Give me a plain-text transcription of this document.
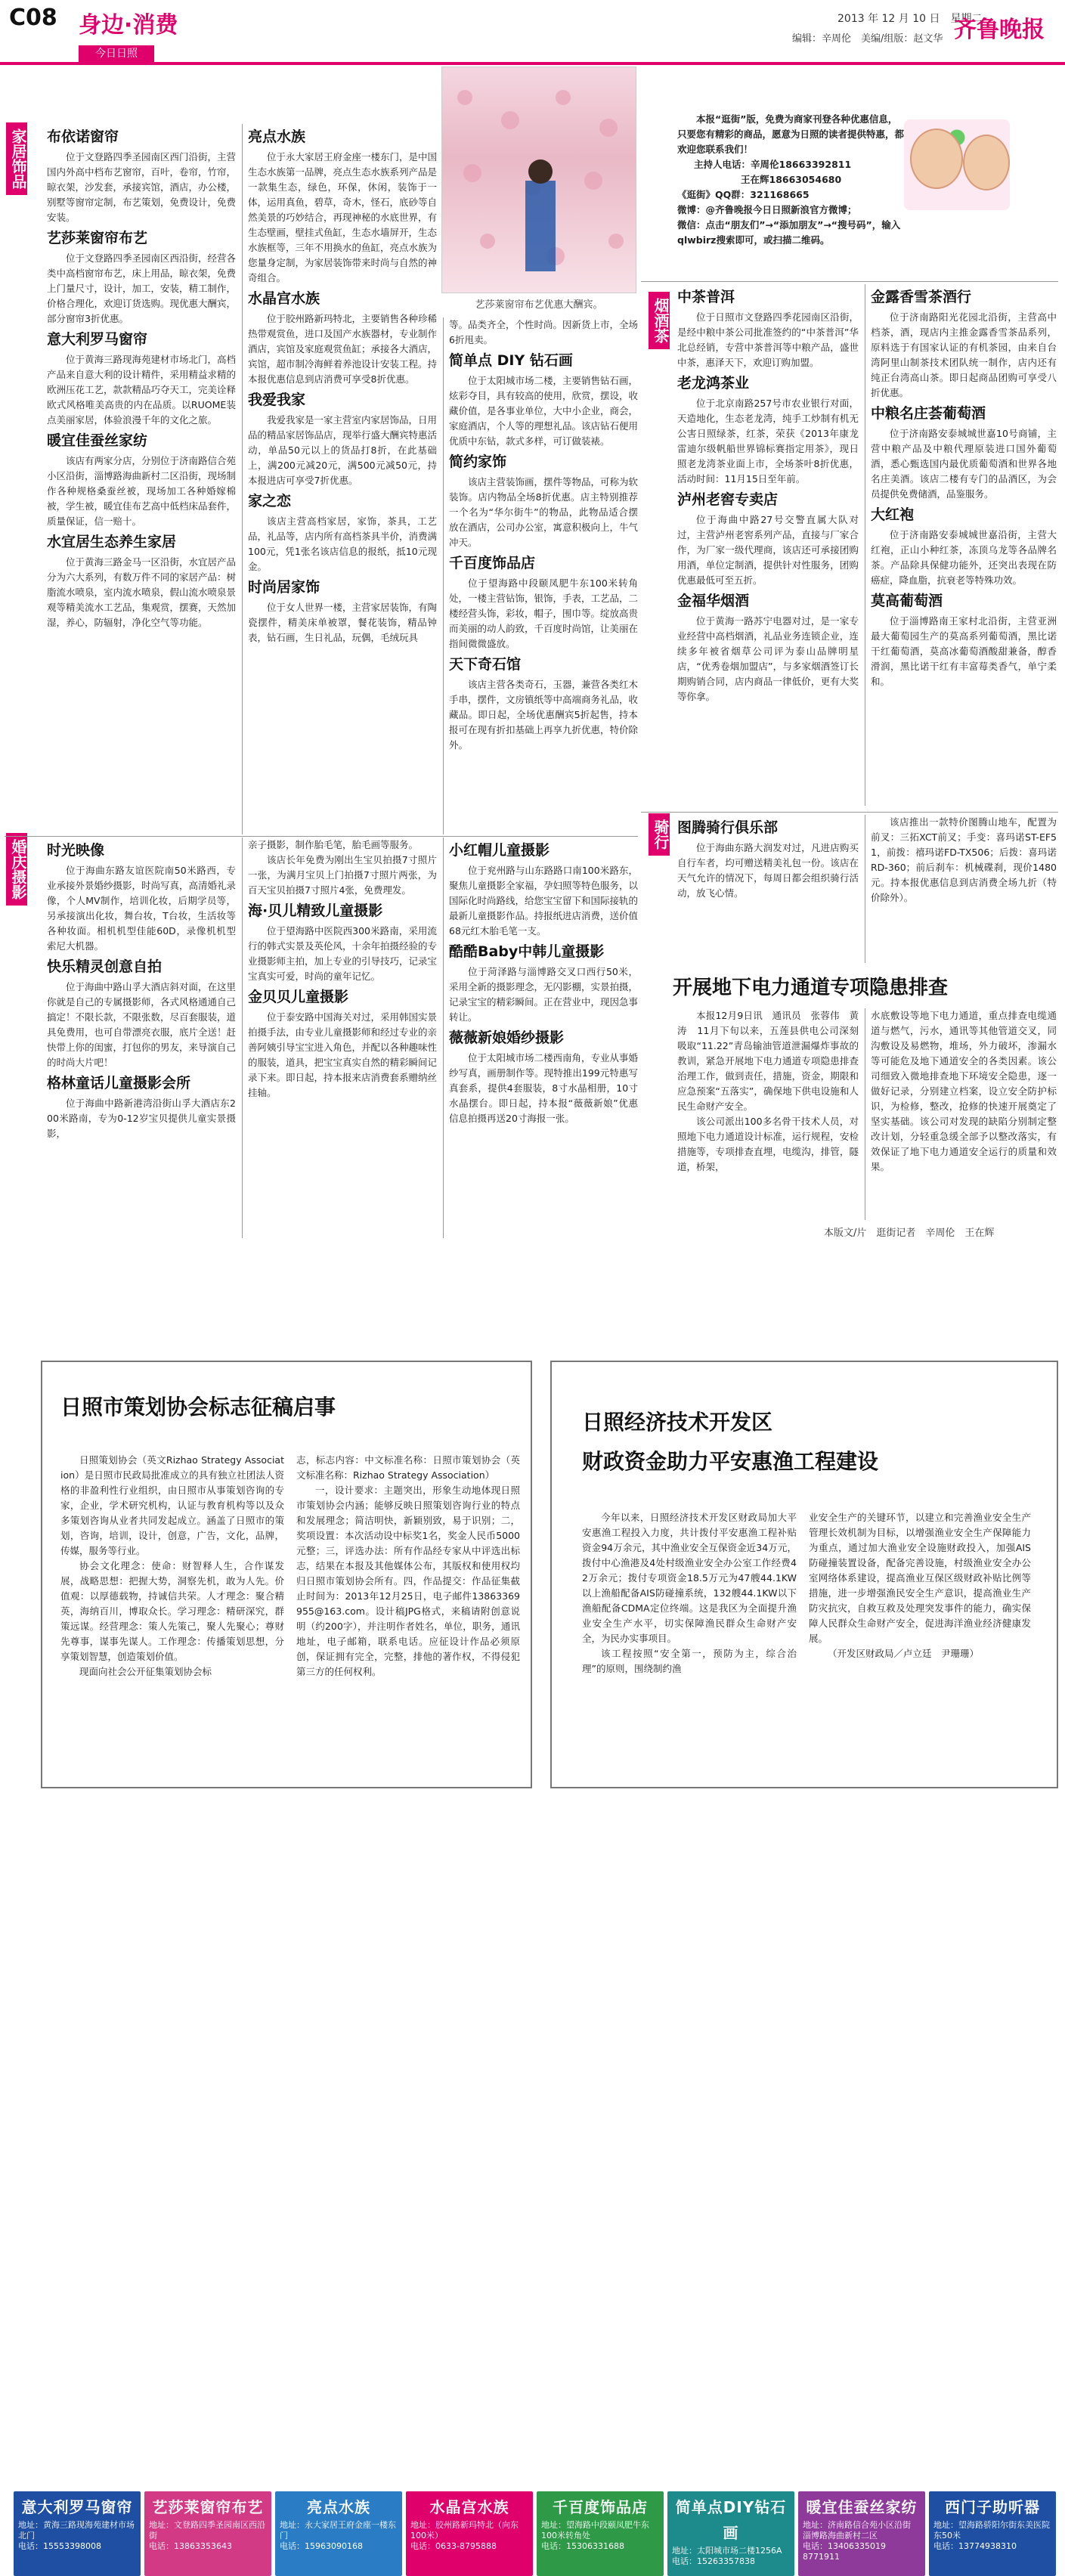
C08 身边·消费
今日日照
2013 年 12 月 10 日　星期二
编辑：辛周伦　美编/组版：赵文华 齐鲁晚报
家居饰品
婚庆摄影
烟酒茶
骑行
布依诺窗帘
位于文登路四季圣园南区西门沿街，主营国内外高中档布艺窗帘，百叶，卷帘，竹帘，晾衣架，沙发套，承接宾馆，酒店，办公楼，别墅等窗帘定制，布艺策划，免费设计，免费安装。
艺莎莱窗帘布艺
位于文登路四季圣园南区西沿街，经营各类中高档窗帘布艺，床上用品，晾衣架，免费上门量尺寸，设计，加工，安装，精工制作，价格合理化，欢迎订货选购。现优惠大酬宾，部分窗帘3折优惠。
意大利罗马窗帘
位于黄海三路现海苑建材市场北门，高档产品来自意大利的设计精件，采用精益求精的欧洲压花工艺，款款精品巧夺天工，完美诠释欧式风格唯美高贵的内在品质。以RUOME装点美丽家居，体验浪漫千年的文化之旅。
暖宜佳蚕丝家纺
该店有两家分店，分别位于济南路信合苑小区沿街，淄博路海曲新村二区沿街，现场制作各种规格桑蚕丝被，现场加工各种婚嫁棉被，学生被，暖宜佳布艺高中低档床品套件，质量保证，信一赔十。
水宜居生态养生家居
位于黄海三路金马一区沿街，水宜居产品分为六大系列，有数万件不同的家居产品：树脂流水喷泉，室内流水喷泉，假山流水喷泉景观等精美流水工艺品，集观赏，摆赛，天然加湿，养心，防辐射，净化空气等功能。
亮点水族
位于永大家居王府金座一楼东门，是中国生态水族第一品牌，亮点生态水族系列产品是一款集生态，绿色，环保，休闲，装饰于一体，运用真鱼，碧草，奇木，怪石，底砂等自然美景的巧妙结合，再现神秘的水底世界，有生态壁画，壁挂式鱼缸，生态水墙屏开，生态水族框等，三年不用换水的鱼缸，亮点水族为您量身定制，为家居装饰带来时尚与自然的神奇组合。
水晶宫水族
位于胶州路新玛特北，主要销售各种珍稀热带观赏鱼，进口及国产水族器材，专业制作酒店，宾馆及家庭观赏鱼缸；承接各大酒店，宾馆，超市制冷海鲜着养池设计安装工程。持本报优惠信息到店消费可享受8折优惠。
我爱我家
我爱我家是一家主营室内家居饰品，日用品的精品家居饰品店，现举行盛大酬宾特惠活动，单品50元以上的货品打8折，在此基础上，满200元减20元，满500元减50元，持本报进店可享受7折优惠。
家之恋
该店主营高档家居，家饰，茶具，工艺品，礼品等，店内所有高档茶具半价，消费满100元，凭1张名该店信息的报纸，抵10元现金。
时尚居家饰
位于女人世界一楼，主营家居装饰，有陶瓷摆件，精美床单被罩，餐花装饰，精品钟表，钻石画，生日礼品，玩偶，毛绒玩具
艺莎莱窗帘布艺优惠大酬宾。
等。品类齐全，个性时尚。因新货上市，全场6折甩卖。
简单点 DIY 钻石画
位于太阳城市场二楼，主要销售钻石画，炫彩夺目，具有较高的使用，欣赏，摆设，收藏价值，是各事业单位，大中小企业，商会，家庭酒店，个人等的理想礼品。该店钻石便用优质中东钻，款式多样，可订做装裱。
简约家饰
该店主营装饰画，摆件等物品，可称为软装饰。店内物品全场8折优惠。店主特别推荐一个名为“华尔街牛”的物品，此物品适合摆放在酒店，公司办公室，寓意积极向上，牛气冲天。
千百度饰品店
位于望海路中段颐凤肥牛东100米转角处，一楼主营钻饰，银饰，手表，工艺品，二楼经营头饰，彩妆，帽子，围巾等。绽放高贵而美丽的动人韵致，千百度时尚馆，让美丽在指间微微盛放。
天下奇石馆
该店主营各类奇石，玉器，兼营各类红木手串，摆件，文房镇纸等中高端商务礼品，收藏品。即日起，全场优惠酬宾5折起售，持本报可在现有折扣基础上再享九折优惠，特价除外。
本报“逛街”版，免费为商家刊登各种优惠信息，只要您有精彩的商品，愿意为日照的读者提供特惠，都欢迎您联系我们！
主持人电话：辛周伦18663392811
王在辉18663054680
《逛街》QQ群：321168665
微博：@齐鲁晚报今日日照新浪官方微博；
微信：点击“朋友们”→“添加朋友”→“搜号码”，输入qlwbirz搜索即可，或扫描二维码。
中茶普洱
位于日照市文登路四季花园南区沿街，是经中粮中茶公司批准签约的“中茶普洱”华北总经销，专营中茶普洱等中粮产品，盛世中茶，惠泽天下，欢迎订购加盟。
老龙鸿茶业
位于北京南路257号市农业银行对面，天造地化，生态老龙湾，纯手工炒制有机无公害日照绿茶，红茶，荣获《2013年康龙雷迪尔级帆船世界锦标赛指定用茶》，现日照老龙湾茶业面上市，全场茶叶8折优惠，活动时间：11月15日至年前。
泸州老窖专卖店
位于海曲中路27号交警直属大队对过，主营泸州老窖系列产品，直接与厂家合作，为厂家一级代理商，该店还可承接团购用酒，单位定制酒，提供针对性服务，团购优惠最低可至五折。
金福华烟酒
位于黄海一路苏宁电器对过，是一家专业经营中高档烟酒，礼品业务连锁企业，连续多年被省烟草公司评为泰山品牌明星店，“优秀卷烟加盟店”，与多家烟酒签订长期购销合同，店内商品一律低价，更有大奖等你拿。
金露香雪茶酒行
位于济南路阳光花园北沿街，主营高中档茶，酒，现店内主推金露香雪茶品系列，原料选于有国家认证的有机茶园，由来自台湾阿里山制茶技术团队统一制作，店内还有纯正台湾高山茶。即日起商品团购可享受八折优惠。
中粮名庄荟葡萄酒
位于济南路安泰城城世嘉10号商铺，主营中粮产品及中粮代理原装进口国外葡萄酒，悉心甄选国内最优质葡萄酒和世界各地名庄美酒。该店二楼有专门的品酒区，为会员提供免费储酒，品鉴服务。
大红袍
位于济南路安泰城城世嘉沿街，主营大红袍，正山小种红茶，冻顶乌龙等各品牌名茶。产品除具保健功能外，还突出表现在防癌症，降血脂，抗衰老等特殊功效。
莫高葡萄酒
位于淄博路南王家村北沿街，主营亚洲最大葡萄园生产的莫高系列葡萄酒，黑比诺干红葡萄酒，莫高冰葡萄酒酸甜兼备，醇香滑润，黑比诺干红有丰富莓类香气，单宁柔和。
图腾骑行俱乐部
位于海曲东路大润发对过，凡进店购买自行车者，均可赠送精美礼包一份。该店在天气允许的情况下，每周日都会组织骑行活动，放飞心情。
该店推出一款特价图腾山地车，配置为前叉：三拓XCT前叉；手变：喜玛诺ST-EF51，前拨：禧玛诺FD-TX506；后拨：喜玛诺RD-360；前后刹车：机械碟刹，现价1480元。持本报优惠信息到店消费全场九折（特价除外）。
开展地下电力通道专项隐患排查
本报12月9日讯　通讯员　张蓉伟　黄涛　11月下旬以来，五莲县供电公司深刻吸取“11.22”青岛输油管道泄漏爆炸事故的教训，紧急开展地下电力通道专项隐患排查治理工作，做到责任，措施，资金，期限和应急预案“五落实”，确保地下供电设施和人民生命财产安全。
该公司派出100多名骨干技术人员，对照地下电力通道设计标准，运行规程，安检措施等，专项排查直埋，电缆沟，排管，隧道，桥架，
水底敷设等地下电力通道，重点排查电缆通道与燃气，污水，通讯等其他管道交叉，同沟敷设及易燃物，堆场，外力破坏，渗漏水等可能危及地下通道安全的各类因素。该公司细致入微地排查地下环境安全隐患，逐一做好记录，分别建立档案，设立安全防护标识，为检修，整改，抢修的快速开展奠定了坚实基础。该公司对发现的缺陷分别制定整改计划，分轻重急缓全部予以整改落实，有效保证了地下电力通道安全运行的质量和效果。
本版文/片　逛街记者　辛周伦　王在辉
时光映像
位于海曲东路友谊医院南50米路西，专业承接外景婚纱摄影，时尚写真，高清婚礼录像，个人MV制作，培训化妆，后期学员等，另承接演出化妆，舞台妆，T台妆，生活妆等各种妆面。相机机型佳能60D，录像机机型索尼大机器。
快乐精灵创意自拍
位于海曲中路山孚大酒店斜对面，在这里你就是自己的专属摄影师，各式风格通通自己搞定！不限长款，不限张数，尽百套服装，道具免费用，也可自带漂亮衣服，底片全送！赶快带上你的闺蜜，打包你的男友，来导演自己的时尚大片吧！
格林童话儿童摄影会所
位于海曲中路新港湾沿街山孚大酒店东200米路南，专为0-12岁宝贝提供儿童实景摄影，
亲子摄影，制作胎毛笔，胎毛画等服务。
该店长年免费为刚出生宝贝拍摄7寸照片一张，为满月宝贝上门拍摄7寸照片两张，为百天宝贝拍摄7寸照片4张，免费理发。
海·贝儿精致儿童摄影
位于望海路中医院西300米路南，采用流行的韩式实景及英伦风，十余年拍摄经验的专业摄影师主拍，加上专业的引导技巧，记录宝宝真实可爱，时尚的童年记忆。
金贝贝儿童摄影
位于泰安路中国海关对过，采用韩国实景拍摄手法，由专业儿童摄影师和经过专业的亲善阿姨引导宝宝进入角色，并配以各种趣味性的服装，道具，把宝宝真实自然的精彩瞬间记录下来。即日起，持本报来店消费套系赠纳丝挂轴。
小红帽儿童摄影
位于兖州路与山东路路口南100米路东，聚焦儿童摄影全家福，孕妇照等特色服务，以国际化时尚路线，给您宝宝留下和国际接轨的最新儿童摄影作品。持报纸进店消费，送价值68元红木胎毛笔一支。
酷酷Baby中韩儿童摄影
位于菏泽路与淄博路交叉口西行50米，采用全新的摄影理念，无闪影棚，实景拍摄，记录宝宝的精彩瞬间。正在营业中，现因急事转让。
薇薇新娘婚纱摄影
位于太阳城市场二楼西南角，专业从事婚纱写真，画册制作等。现特推出199元特惠写真套系，提供4套服装，8寸水晶相册，10寸水晶摆台。即日起，持本报“薇薇新娘”优惠信息拍摄再送20寸海报一张。
意大利罗马窗帘
地址：黄海三路现海苑建材市场北门
电话：15553398008
艺莎莱窗帘布艺
地址：文登路四季圣园南区西沿街
电话：13863353643
亮点水族
地址：永大家居王府金座一楼东门
电话：15963090168
水晶宫水族
地址：胶州路新玛特北（向东100米）
电话：0633-8795888
千百度饰品店
地址：望海路中段颐凤肥牛东100米转角处
电话：15306331688
简单点DIY钻石画
地址：太阳城市场二楼1256A
电话：15263357838
暖宜佳蚕丝家纺
地址：济南路信合苑小区沿街 淄博路海曲新村二区
电话：13406335019 8771911
西门子助听器
地址：望海路骄阳尔街东美医院东50米
电话：13774938310
日照市策划协会标志征稿启事
日照策划协会（英文Rizhao Strategy Association）是日照市民政局批准成立的具有独立社团法人资格的非盈利性行业组织，由日照市从事策划咨询的专家，企业，学术研究机构，认证与教育机构等以及众多策划咨询从业者共同发起成立。涵盖了日照市的策划，咨询，培训，设计，创意，广告，文化，品牌，传媒，服务等行业。
协会文化理念：使命：财智释人生，合作谋发展，战略思想：把握大势，洞察先机，敢为人先。价值观：以厚德载物，持诚信共荣。人才理念：聚合精英，海纳百川，博取众长。学习理念：精研深究，群策远谋。经营理念：策人先策己，聚人先聚心；尊财先尊事，谋事先谋人。工作理念：传播策划思想，分享策划智慧，创造策划价值。
现面向社会公开征集策划协会标
志，标志内容：中文标准名称：日照市策划协会（英文标准名称：Rizhao Strategy Association）
一，设计要求：主题突出，形象生动地体现日照市策划协会内涵；能够反映日照策划咨询行业的特点和发展理念；简洁明快，新颖别致，易于识别；二，奖项设置：本次活动设中标奖1名，奖金人民币5000元整；三，评选办法：所有作品经专家从中评选出标志，结果在本报及其他媒体公布，其版权和使用权均归日照市策划协会所有。四，作品提交：作品征集截止时间为：2013年12月25日，电子邮件13863369955@163.com。设计稿JPG格式，来稿请附创意说明（约200字），并注明作者姓名，单位，职务，通讯地址，电子邮箱，联系电话。应征设计作品必须原创，保证拥有完全，完整，排他的著作权，不得侵犯第三方的任何权利。
日照经济技术开发区
财政资金助力平安惠渔工程建设
今年以来，日照经济技术开发区财政局加大平安惠渔工程投入力度，共计拨付平安惠渔工程补贴资金94万余元，其中渔业安全互保资金近34万元，拨付中心渔港及4处村级渔业安全办公室工作经费42万余元；拨付专项资金18.5万元为47艘44.1KW以上渔船配备AIS防碰撞系统，132艘44.1KW以下渔船配备CDMA定位终端。这是我区为全面提升渔业安全生产水平，切实保障渔民群众生命财产安全，为民办实事项目。
该工程按照“安全第一，预防为主，综合治理”的原则，围绕制约渔
业安全生产的关键环节，以建立和完善渔业安全生产管理长效机制为目标，以增强渔业安全生产保障能力为重点，通过加大渔业安全设施财政投入，加强AIS防碰撞装置设备，配备完善设施，村级渔业安全办公室网络体系建设，提高渔业互保区级财政补贴比例等措施，进一步增强渔民安全生产意识，提高渔业生产防灾抗灾，自救互救及处理突发事件的能力，确实保障人民群众生命财产安全，促进海洋渔业经济健康发展。
（开发区财政局／卢立廷　尹珊珊）
